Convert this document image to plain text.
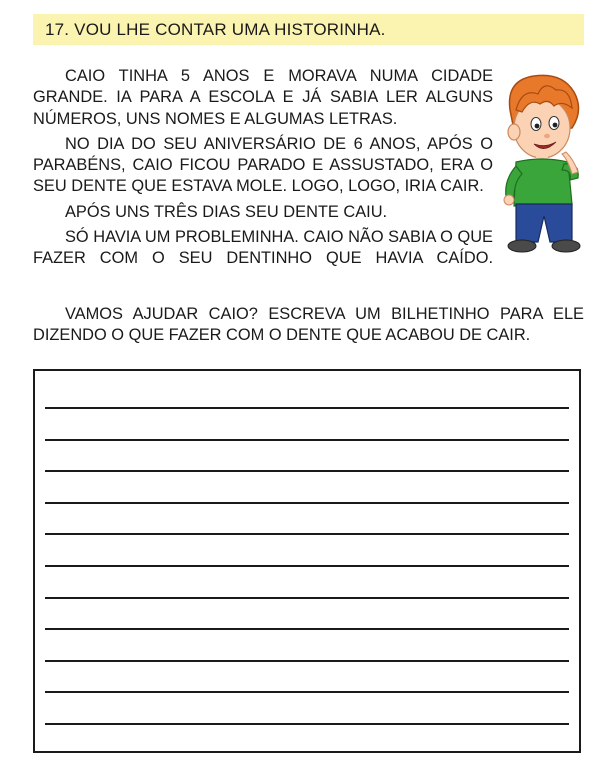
17. VOU LHE CONTAR UMA HISTORINHA.

CAIO TINHA 5 ANOS E MORAVA NUMA CIDADE GRANDE. IA PARA A ESCOLA E JÁ SABIA LER ALGUNS NÚMEROS, UNS NOMES E ALGUMAS LETRAS.

NO DIA DO SEU ANIVERSÁRIO DE 6 ANOS, APÓS O PARABÉNS, CAIO FICOU PARADO E ASSUSTADO, ERA O SEU DENTE QUE ESTAVA MOLE. LOGO, LOGO, IRIA CAIR.

APÓS UNS TRÊS DIAS SEU DENTE CAIU.

SÓ HAVIA UM PROBLEMINHA. CAIO NÃO SABIA O QUE FAZER COM O SEU DENTINHO QUE HAVIA CAÍDO.

VAMOS AJUDAR CAIO? ESCREVA UM BILHETINHO PARA ELE DIZENDO O QUE FAZER COM O DENTE QUE ACABOU DE CAIR.
